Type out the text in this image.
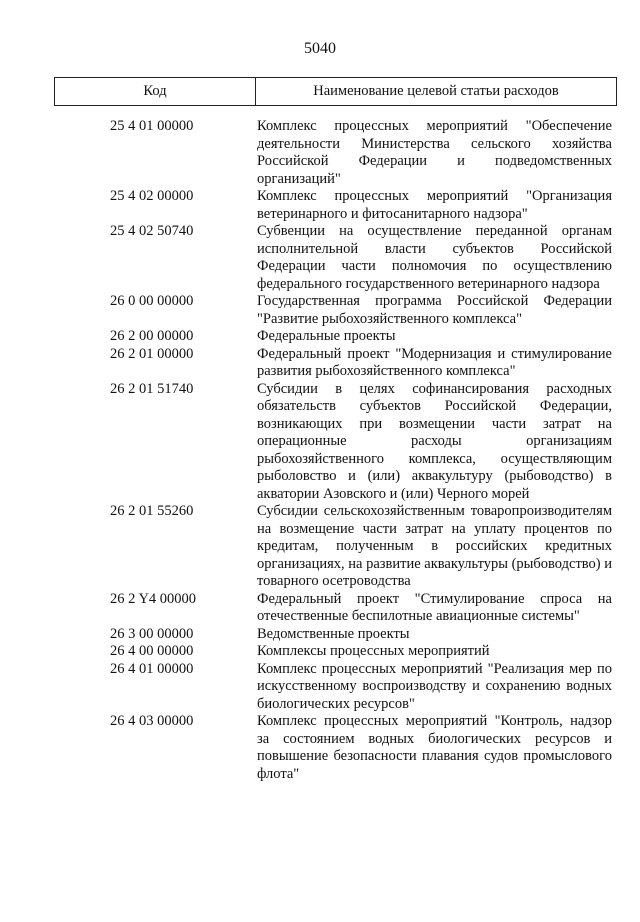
5040
Код	Наименование целевой статьи расходов
25 4 01 00000	Комплекс процессных мероприятий "Обеспечение деятельности Министерства сельского хозяйства Российской Федерации и подведомственных организаций"
25 4 02 00000	Комплекс процессных мероприятий "Организация ветеринарного и фитосанитарного надзора"
25 4 02 50740	Субвенции на осуществление переданной органам исполнительной власти субъектов Российской Федерации части полномочия по осуществлению федерального государственного ветеринарного надзора
26 0 00 00000	Государственная программа Российской Федерации "Развитие рыбохозяйственного комплекса"
26 2 00 00000	Федеральные проекты
26 2 01 00000	Федеральный проект "Модернизация и стимулирование развития рыбохозяйственного комплекса"
26 2 01 51740	Субсидии в целях софинансирования расходных обязательств субъектов Российской Федерации, возникающих при возмещении части затрат на операционные расходы организациям рыбохозяйственного комплекса, осуществляющим рыболовство и (или) аквакультуру (рыбоводство) в акватории Азовского и (или) Черного морей
26 2 01 55260	Субсидии сельскохозяйственным товаропроизводителям на возмещение части затрат на уплату процентов по кредитам, полученным в российских кредитных организациях, на развитие аквакультуры (рыбоводство) и товарного осетроводства
26 2 Y4 00000	Федеральный проект "Стимулирование спроса на отечественные беспилотные авиационные системы"
26 3 00 00000	Ведомственные проекты
26 4 00 00000	Комплексы процессных мероприятий
26 4 01 00000	Комплекс процессных мероприятий "Реализация мер по искусственному воспроизводству и сохранению водных биологических ресурсов"
26 4 03 00000	Комплекс процессных мероприятий "Контроль, надзор за состоянием водных биологических ресурсов и повышение безопасности плавания судов промыслового флота"
